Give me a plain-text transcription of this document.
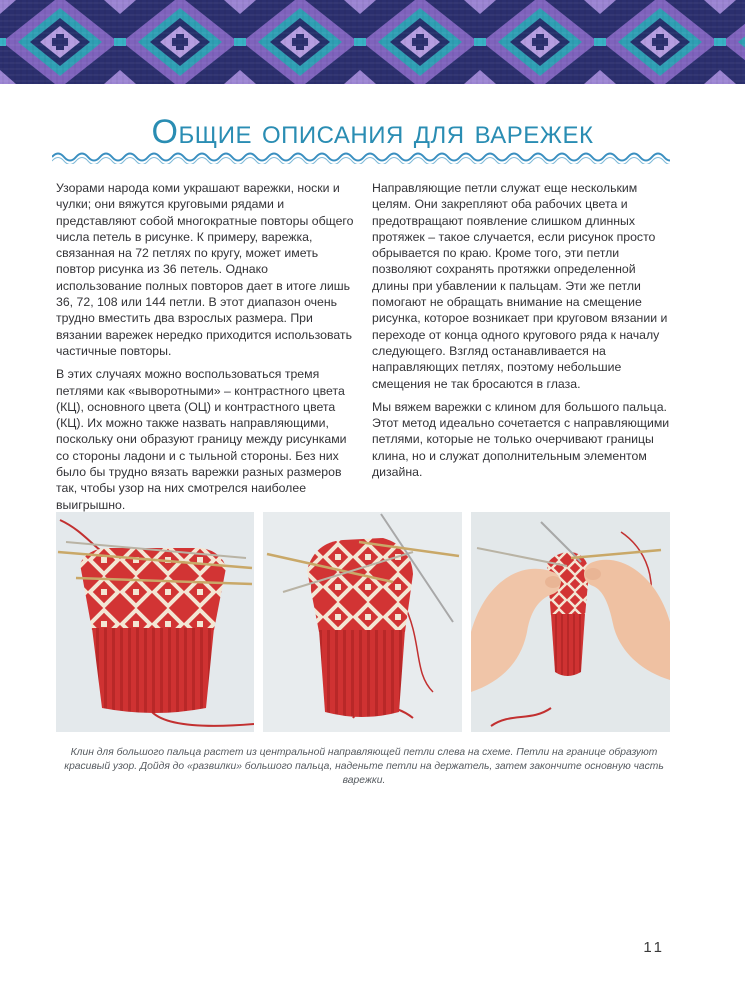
Общие описания для варежек

Узорами народа коми украшают варежки, носки и чулки; они вяжутся круговыми рядами и представляют собой многократные повторы общего числа петель в рисунке. К примеру, варежка, связанная на 72 петлях по кругу, может иметь повтор рисунка из 36 петель. Однако использование полных повторов дает в итоге лишь 36, 72, 108 или 144 петли. В этот диапазон очень трудно вместить два взрослых размера. При вязании варежек нередко приходится использовать частичные повторы.

В этих случаях можно воспользоваться тремя петлями как «выворотными» – контрастного цвета (КЦ), основного цвета (ОЦ) и контрастного цвета (КЦ). Их можно также назвать направляющими, поскольку они образуют границу между рисунками со стороны ладони и с тыльной стороны. Без них было бы трудно вязать варежки разных размеров так, чтобы узор на них смотрелся наиболее выигрышно.

Направляющие петли служат еще нескольким целям. Они закрепляют оба рабочих цвета и предотвращают появление слишком длинных протяжек – такое случается, если рисунок просто обрывается по краю. Кроме того, эти петли позволяют сохранять протяжки определенной длины при убавлении к пальцам. Эти же петли помогают не обращать внимание на смещение рисунка, которое возникает при круговом вязании и переходе от конца одного кругового ряда к началу следующего. Взгляд останавливается на направляющих петлях, поэтому небольшие смещения не так бросаются в глаза.

Мы вяжем варежки с клином для большого пальца. Этот метод идеально сочетается с направляющими петлями, которые не только очерчивают границы клина, но и служат дополнительным элементом дизайна.

Клин для большого пальца растет из центральной направляющей петли слева на схеме. Петли на границе образуют красивый узор. Дойдя до «развилки» большого пальца, наденьте петли на держатель, затем закончите основную часть варежки.

11
